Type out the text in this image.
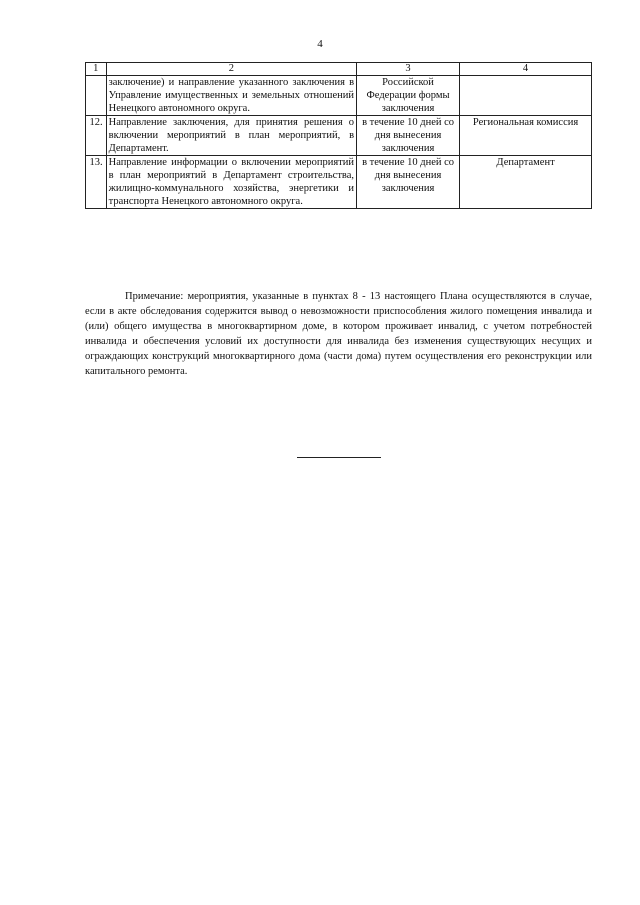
4
1	2	3	4
	заключение) и направление указанного заключения в Управление имущественных и земельных отношений Ненецкого автономного округа.	Российской Федерации формы заключения	
12.	Направление заключения, для принятия решения о включении мероприятий в план мероприятий, в Департамент.	в течение 10 дней со дня вынесения заключения	Региональная комиссия
13.	Направление информации о включении мероприятий в план мероприятий в Департамент строительства, жилищно-коммунального хозяйства, энергетики и транспорта Ненецкого автономного округа.	в течение 10 дней со дня вынесения заключения	Департамент

Примечание: мероприятия, указанные в пунктах 8 - 13 настоящего Плана осуществляются в случае, если в акте обследования содержится вывод о невозможности приспособления жилого помещения инвалида и (или) общего имущества в многоквартирном доме, в котором проживает инвалид, с учетом потребностей инвалида и обеспечения условий их доступности для инвалида без изменения существующих несущих и ограждающих конструкций многоквартирного дома (части дома) путем осуществления его реконструкции или капитального ремонта.
